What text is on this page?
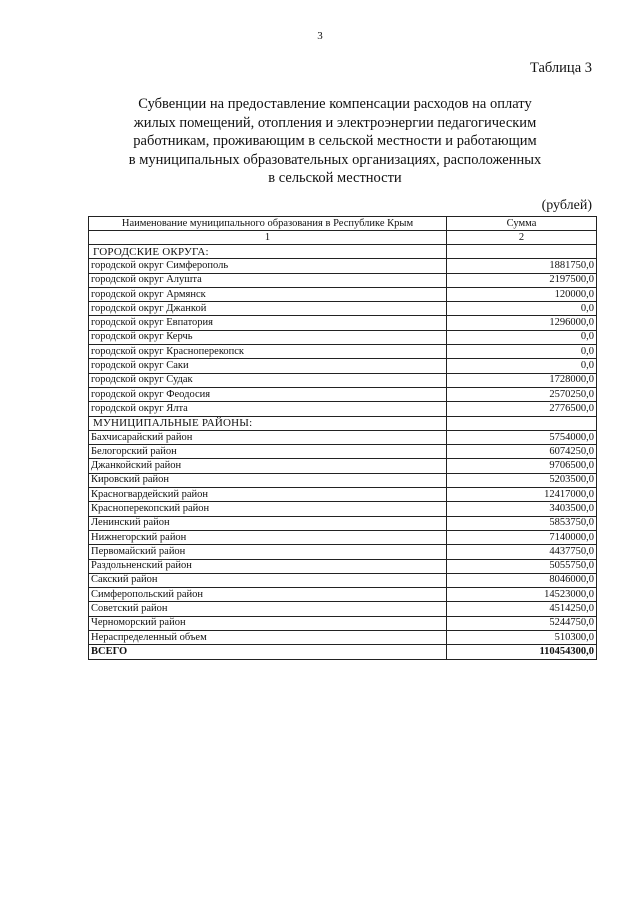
3
Таблица 3
Субвенции на предоставление компенсации расходов на оплату
жилых помещений, отопления и электроэнергии педагогическим
работникам, проживающим в сельской местности и работающим
в муниципальных образовательных организациях, расположенных
в сельской местности
(рублей)
Наименование муниципального образования в Республике Крым	Сумма
1	2
ГОРОДСКИЕ ОКРУГА:	
городской округ Симферополь	1881750,0
городской округ Алушта	2197500,0
городской округ Армянск	120000,0
городской округ Джанкой	0,0
городской округ Евпатория	1296000,0
городской округ Керчь	0,0
городской округ Красноперекопск	0,0
городской округ Саки	0,0
городской округ Судак	1728000,0
городской округ Феодосия	2570250,0
городской округ Ялта	2776500,0
МУНИЦИПАЛЬНЫЕ РАЙОНЫ:	
Бахчисарайский район	5754000,0
Белогорский район	6074250,0
Джанкойский район	9706500,0
Кировский район	5203500,0
Красногвардейский район	12417000,0
Красноперекопский район	3403500,0
Ленинский район	5853750,0
Нижнегорский район	7140000,0
Первомайский район	4437750,0
Раздольненский район	5055750,0
Сакский район	8046000,0
Симферопольский район	14523000,0
Советский район	4514250,0
Черноморский район	5244750,0
Нераспределенный объем	510300,0
ВСЕГО	110454300,0
